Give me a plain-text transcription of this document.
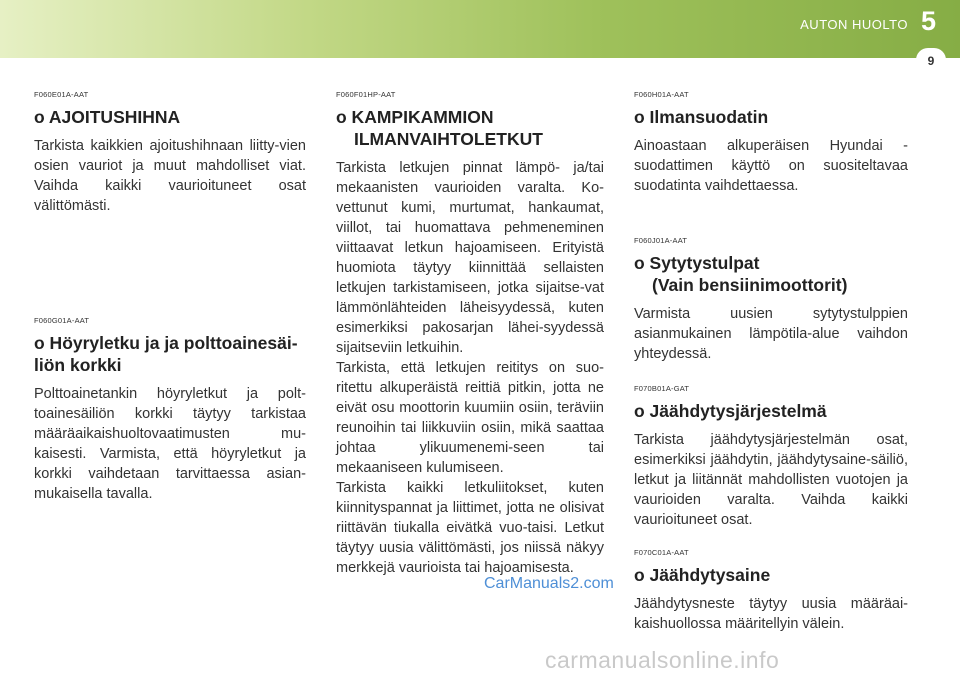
AUTON HUOLTO 5
9

F060E01A-AAT

o AJOITUSHIHNA

Tarkista kaikkien ajoitushihnaan liitty-vien osien vauriot ja muut mahdolliset viat. Vaihda kaikki vaurioituneet osat välittömästi.

F060G01A-AAT

o Höyryletku ja ja polttoainesäi-
liön korkki

Polttoainetankin höyryletkut ja polt-toainesäiliön korkki täytyy tarkistaa määräaikaishuoltovaatimusten mu-kaisesti. Varmista, että höyryletkut ja korkki vaihdetaan tarvittaessa asian-mukaisella tavalla.

F060F01HP-AAT

o KAMPIKAMMION
ILMANVAIHTOLETKUT

Tarkista letkujen pinnat lämpö- ja/tai mekaanisten vaurioiden varalta. Ko-vettunut kumi, murtumat, hankaumat, viillot, tai huomattava pehmeneminen viittaavat letkun hajoamiseen. Erityistä huomiota täytyy kiinnittää sellaisten letkujen tarkistamiseen, jotka sijaitse-vat lämmönlähteiden läheisyydessä, kuten esimerkiksi pakosarjan lähei-syydessä sijaitseviin letkuihin.

Tarkista, että letkujen reititys on suo-ritettu alkuperäistä reittiä pitkin, jotta ne eivät osu moottorin kuumiin osiin, teräviin reunoihin tai liikkuviin osiin, mikä saattaa johtaa ylikuumenemi-seen tai mekaaniseen kulumiseen.

Tarkista kaikki letkuliitokset, kuten kiinnityspannat ja liittimet, jotta ne olisivat riittävän tiukalla eivätkä vuo-taisi. Letkut täytyy uusia välittömästi, jos niissä näkyy merkkejä vaurioista tai hajoamisesta.

F060H01A-AAT

o Ilmansuodatin

Ainoastaan alkuperäisen Hyundai -suodattimen käyttö on suositeltavaa suodatinta vaihdettaessa.

F060J01A-AAT

o Sytytystulpat
(Vain bensiinimoottorit)

Varmista uusien sytytystulppien asianmukainen lämpötila-alue vaihdon yhteydessä.

F070B01A-GAT

o Jäähdytysjärjestelmä

Tarkista jäähdytysjärjestelmän osat, esimerkiksi jäähdytin, jäähdytysaine-säiliö, letkut ja liitännät mahdollisten vuotojen ja vaurioiden varalta. Vaihda kaikki vaurioituneet osat.

F070C01A-AAT

o Jäähdytysaine

Jäähdytysneste täytyy uusia määräai-kaishuollossa määritellyin välein.

CarManuals2.com
carmanualsonline.info
